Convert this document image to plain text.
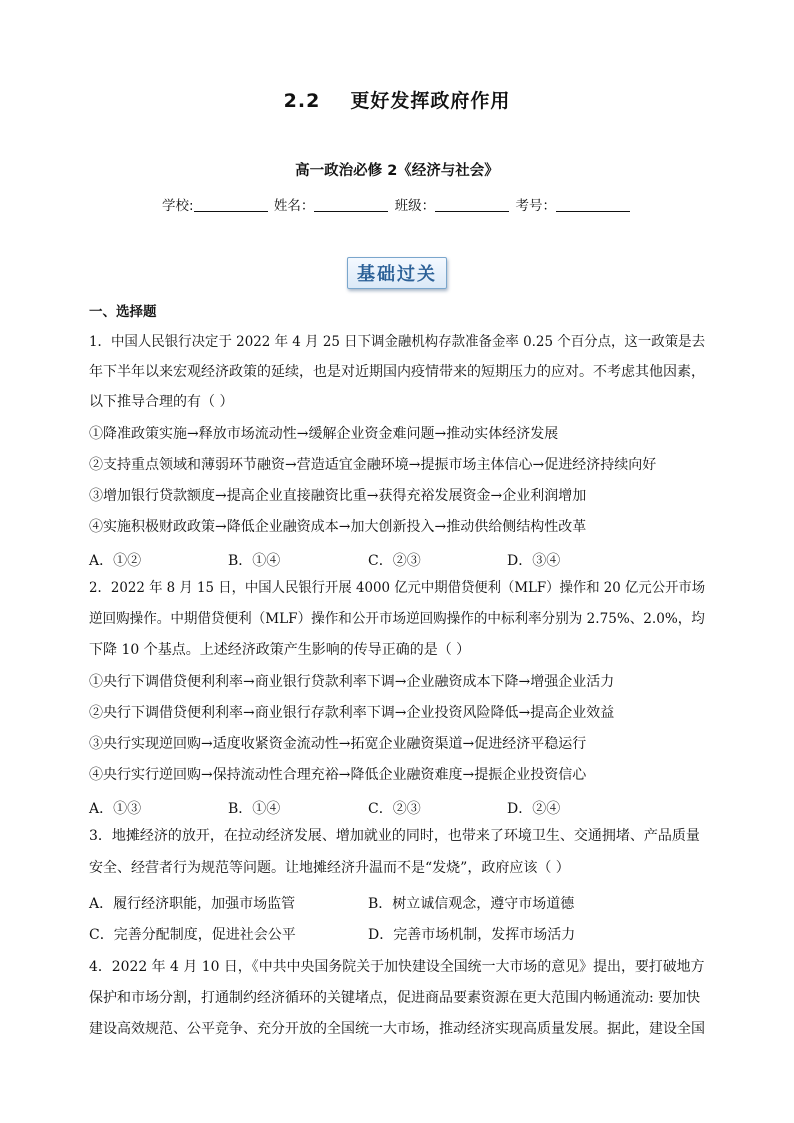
2.2 更好发挥政府作用
高一政治必修 2《经济与社会》
学校:	姓名：	班级：	考号：
基础过关
一、选择题
1．中国人民银行决定于 2022 年 4 月 25 日下调金融机构存款准备金率 0.25 个百分点，这一政策是去
年下半年以来宏观经济政策的延续，也是对近期国内疫情带来的短期压力的应对。不考虑其他因素，
以下推导合理的有（ ）
①降准政策实施→释放市场流动性→缓解企业资金难问题→推动实体经济发展
②支持重点领域和薄弱环节融资→营造适宜金融环境→提振市场主体信心→促进经济持续向好
③增加银行贷款额度→提高企业直接融资比重→获得充裕发展资金→企业利润增加
④实施积极财政政策→降低企业融资成本→加大创新投入→推动供给侧结构性改革
A．①②	B．①④	C．②③	D．③④
2．2022 年 8 月 15 日，中国人民银行开展 4000 亿元中期借贷便利（MLF）操作和 20 亿元公开市场
逆回购操作。中期借贷便利（MLF）操作和公开市场逆回购操作的中标利率分别为 2.75%、2.0%，均
下降 10 个基点。上述经济政策产生影响的传导正确的是（ ）
①央行下调借贷便利利率→商业银行贷款利率下调→企业融资成本下降→增强企业活力
②央行下调借贷便利利率→商业银行存款利率下调→企业投资风险降低→提高企业效益
③央行实现逆回购→适度收紧资金流动性→拓宽企业融资渠道→促进经济平稳运行
④央行实行逆回购→保持流动性合理充裕→降低企业融资难度→提振企业投资信心
A．①③	B．①④	C．②③	D．②④
3．地摊经济的放开，在拉动经济发展、增加就业的同时，也带来了环境卫生、交通拥堵、产品质量
安全、经营者行为规范等问题。让地摊经济升温而不是“发烧”，政府应该（ ）
A．履行经济职能，加强市场监管	B．树立诚信观念，遵守市场道德
C．完善分配制度，促进社会公平	D．完善市场机制，发挥市场活力
4．2022 年 4 月 10 日，《中共中央国务院关于加快建设全国统一大市场的意见》提出，要打破地方
保护和市场分割，打通制约经济循环的关键堵点，促进商品要素资源在更大范围内畅通流动: 要加快
建设高效规范、公平竞争、充分开放的全国统一大市场，推动经济实现高质量发展。据此，建设全国
